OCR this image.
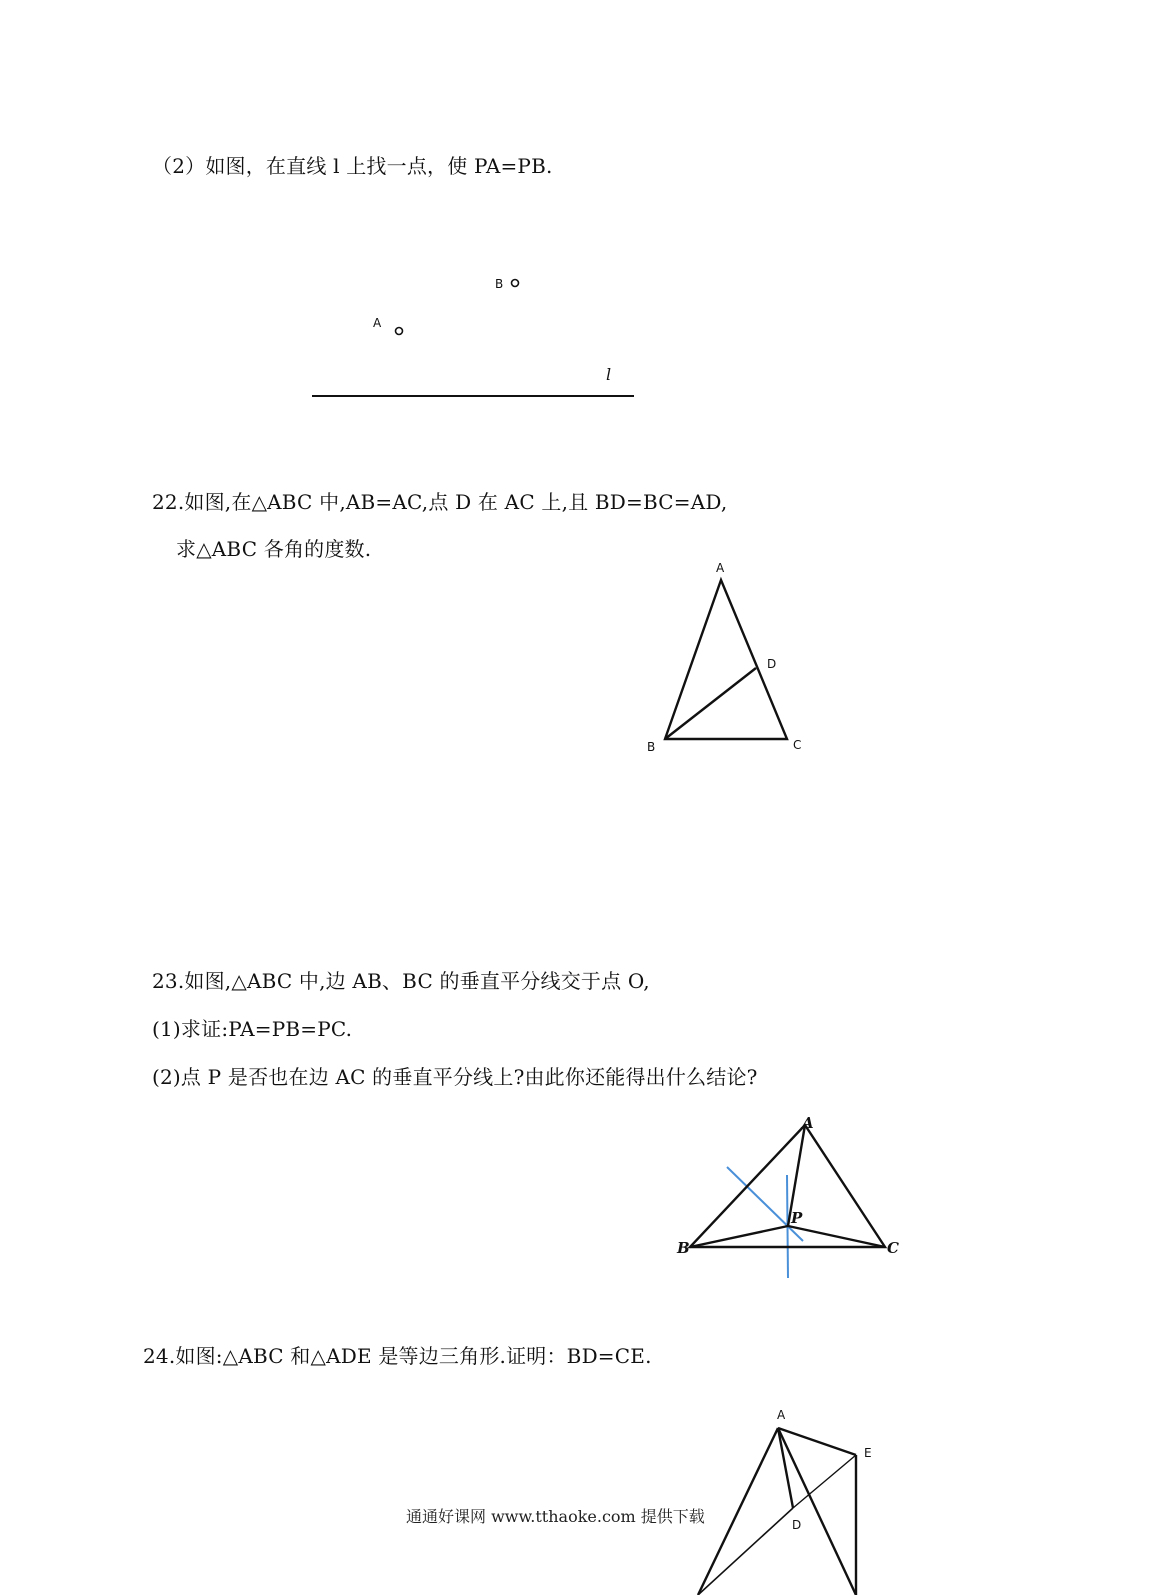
（2）如图，在直线 l 上找一点，使 PA=PB.
B
A
l
22.如图,在△ABC 中,AB=AC,点 D 在 AC 上,且 BD=BC=AD,
求△ABC 各角的度数.
A
B	C
D
23.如图,△ABC 中,边 AB、BC 的垂直平分线交于点 O,
(1)求证:PA=PB=PC.
(2)点 P 是否也在边 AC 的垂直平分线上?由此你还能得出什么结论?
A
B	C
P
24.如图:△ABC 和△ADE 是等边三角形.证明：BD=CE.
A
E
D
通通好课网 www.tthaoke.com 提供下载
